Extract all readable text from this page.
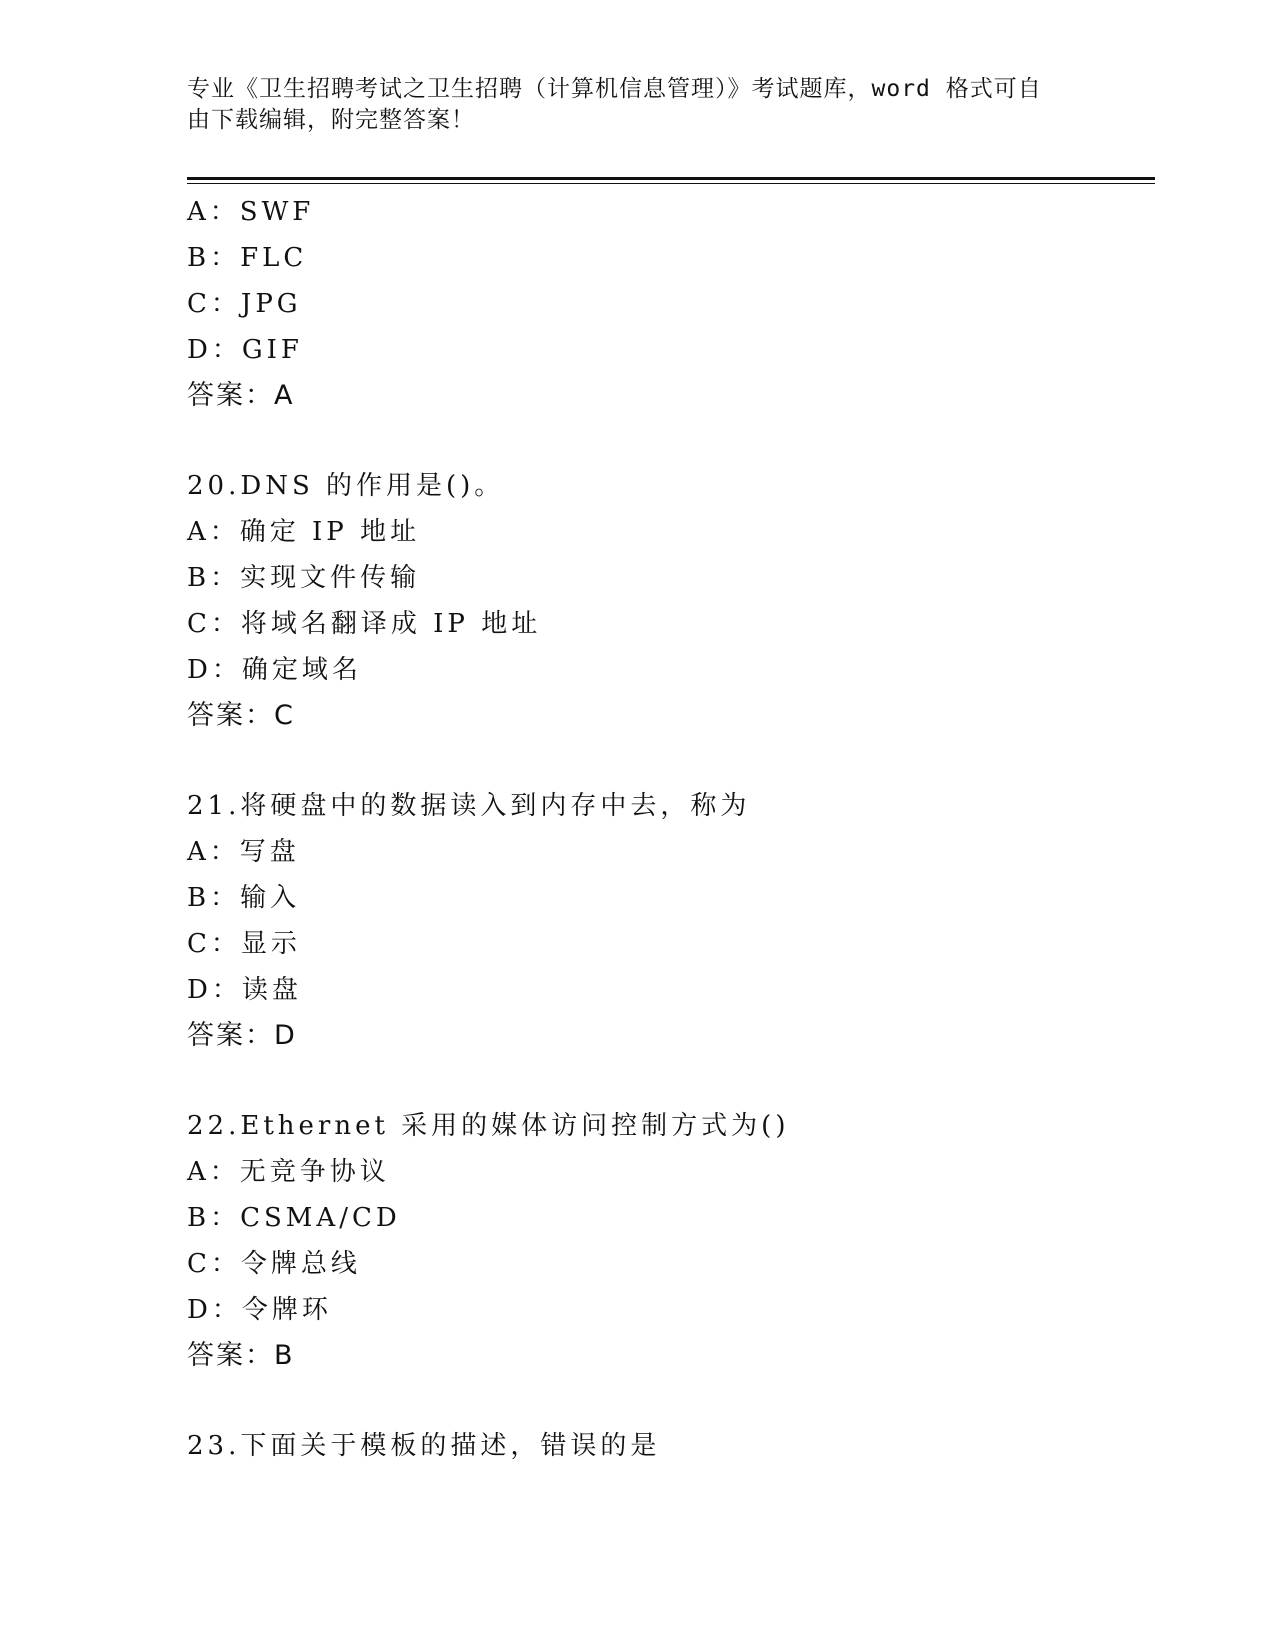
专业《卫生招聘考试之卫生招聘（计算机信息管理）》考试题库，word 格式可自
由下载编辑，附完整答案！
A：SWF
B：FLC
C：JPG
D：GIF
答案：A
20.DNS 的作用是()。
A：确定 IP 地址
B：实现文件传输
C：将域名翻译成 IP 地址
D：确定域名
答案：C
21.将硬盘中的数据读入到内存中去，称为
A：写盘
B：输入
C：显示
D：读盘
答案：D
22.Ethernet 采用的媒体访问控制方式为()
A：无竞争协议
B：CSMA/CD
C：令牌总线
D：令牌环
答案：B
23.下面关于模板的描述，错误的是
